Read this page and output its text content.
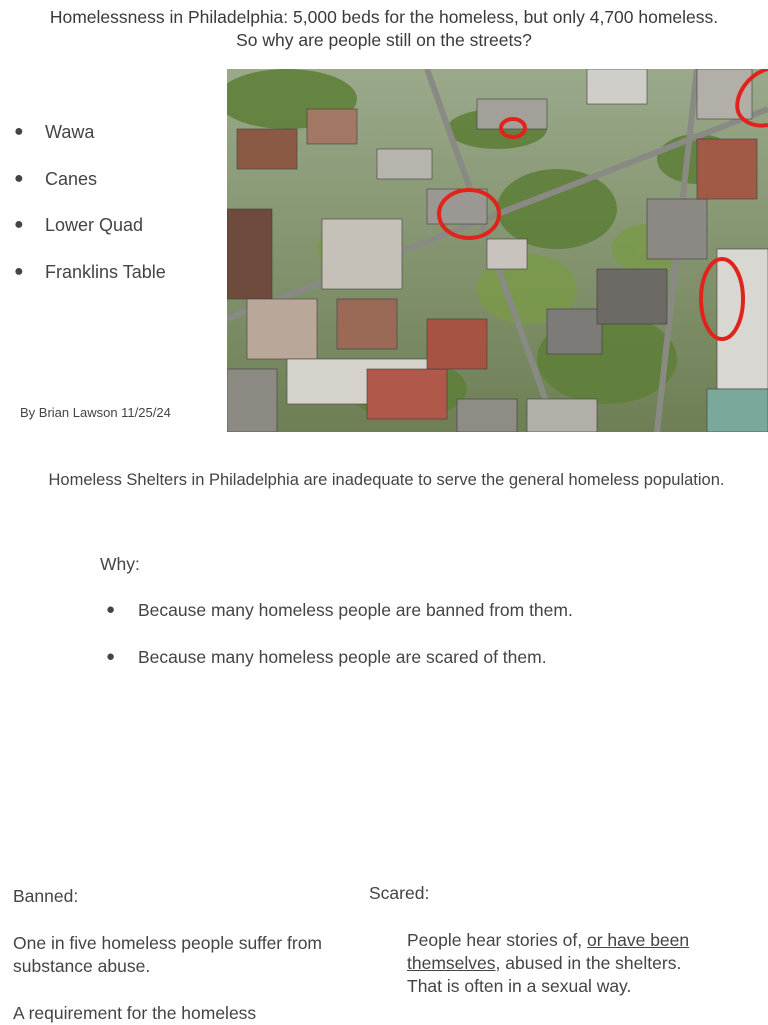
Homelessness in Philadelphia: 5,000 beds for the homeless, but only 4,700 homeless.
So why are people still on the streets?
●	Wawa
●	Canes
●	Lower Quad
●	Franklins Table
By Brian Lawson 11/25/24
Homeless Shelters in Philadelphia are inadequate to serve the general homeless population.
Why:
●	Because many homeless people are banned from them.
●	Because many homeless people are scared of them.
Banned:
One in five homeless people suffer from substance abuse.
A requirement for the homeless
Scared:
People hear stories of, or have been themselves, abused in the shelters. That is often in a sexual way.
